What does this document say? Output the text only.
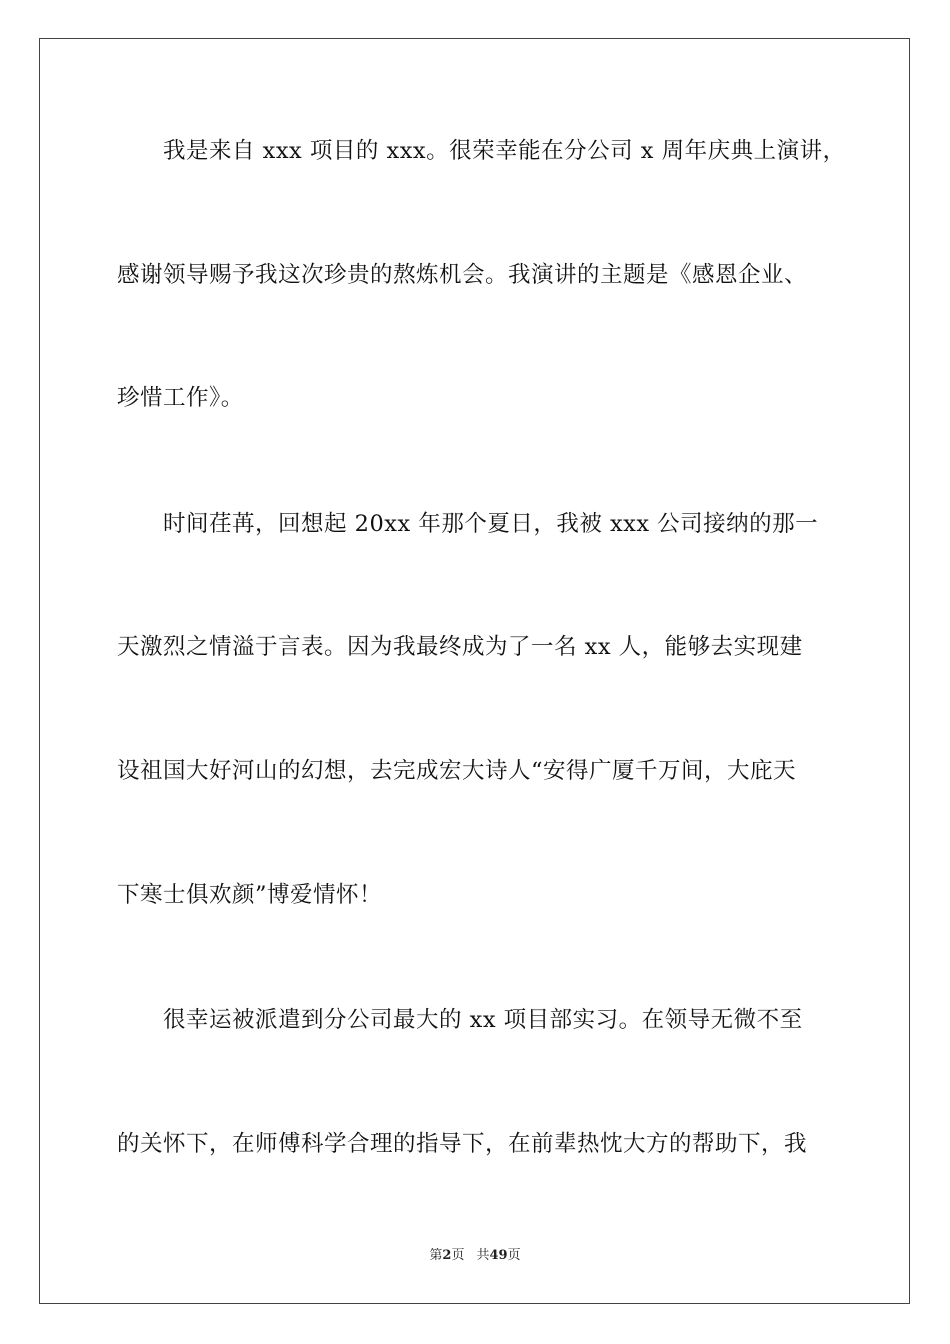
　　我是来自 xxx 项目的 xxx。很荣幸能在分公司 x 周年庆典上演讲，
感谢领导赐予我这次珍贵的熬炼机会。我演讲的主题是《感恩企业、
珍惜工作》。
　　时间荏苒，回想起 20xx 年那个夏日，我被 xxx 公司接纳的那一
天激烈之情溢于言表。因为我最终成为了一名 xx 人，能够去实现建
设祖国大好河山的幻想，去完成宏大诗人“安得广厦千万间，大庇天
下寒士俱欢颜”博爱情怀！
　　很幸运被派遣到分公司最大的 xx 项目部实习。在领导无微不至
的关怀下，在师傅科学合理的指导下，在前辈热忱大方的帮助下，我
第2页 共49页
